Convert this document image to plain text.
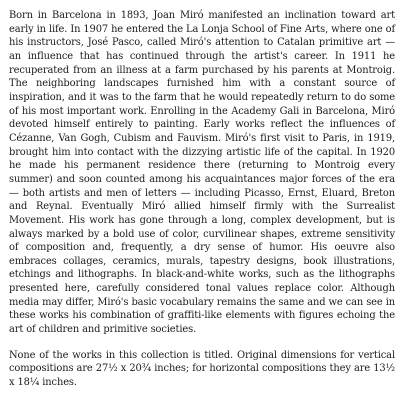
Born in Barcelona in 1893, Joan Miró manifested an inclination toward art early in life. In 1907 he entered the La Lonja School of Fine Arts, where one of his instructors, José Pasco, called Miró's attention to Catalan primitive art — an influence that has continued through the artist's career. In 1911 he recuperated from an illness at a farm purchased by his parents at Montroig. The neighboring landscapes furnished him with a constant source of inspiration, and it was to the farm that he would repeatedly return to do some of his most important work. Enrolling in the Academy Gali in Barcelona, Miró devoted himself entirely to painting. Early works reflect the influences of Cézanne, Van Gogh, Cubism and Fauvism. Miró's first visit to Paris, in 1919, brought him into contact with the dizzying artistic life of the capital. In 1920 he made his permanent residence there (returning to Montroig every summer) and soon counted among his acquaintances major forces of the era — both artists and men of letters — including Picasso, Ernst, Eluard, Breton and Reynal. Eventually Miró allied himself firmly with the Surrealist Movement. His work has gone through a long, complex development, but is always marked by a bold use of color, curvilinear shapes, extreme sensitivity of composition and, frequently, a dry sense of humor. His oeuvre also embraces collages, ceramics, murals, tapestry designs, book illustrations, etchings and lithographs. In black-and-white works, such as the lithographs presented here, carefully considered tonal values replace color. Although media may differ, Miró's basic vocabulary remains the same and we can see in these works his combination of graffiti-like elements with figures echoing the art of children and primitive societies.

None of the works in this collection is titled. Original dimensions for vertical compositions are 27½ x 20¾ inches; for horizontal compositions they are 13½ x 18¼ inches.
